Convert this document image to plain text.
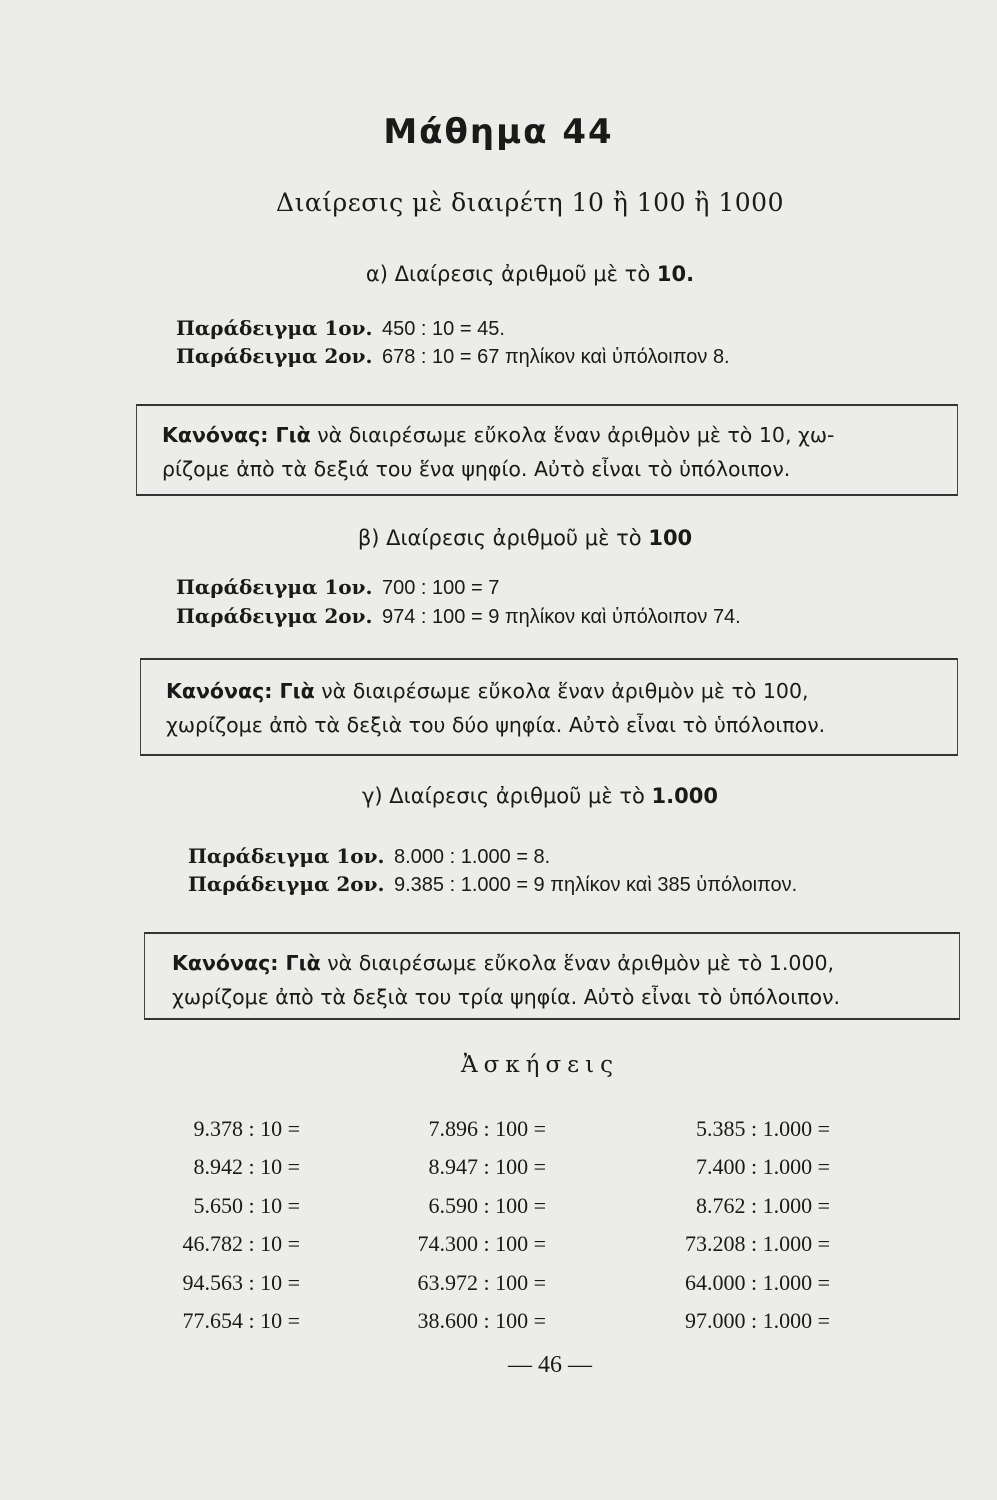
Μάθημα 44
Διαίρεσις μὲ διαιρέτη 10 ἢ 100 ἢ 1000
α) Διαίρεσις ἀριθμοῦ μὲ τὸ 10.
Παράδειγμα 1ον. 450 : 10 = 45.
Παράδειγμα 2ον. 678 : 10 = 67 πηλίκον καὶ ὑπόλοιπον 8.
Κανόνας: Γιὰ νὰ διαιρέσωμε εὔκολα ἕναν ἀριθμὸν μὲ τὸ 10, χω-
ρίζομε ἀπὸ τὰ δεξιά του ἕνα ψηφίο. Αὐτὸ εἶναι τὸ ὑπόλοιπον.
β) Διαίρεσις ἀριθμοῦ μὲ τὸ 100
Παράδειγμα 1ον. 700 : 100 = 7
Παράδειγμα 2ον. 974 : 100 = 9 πηλίκον καὶ ὑπόλοιπον 74.
Κανόνας: Γιὰ νὰ διαιρέσωμε εὔκολα ἕναν ἀριθμὸν μὲ τὸ 100,
χωρίζομε ἀπὸ τὰ δεξιὰ του δύο ψηφία. Αὐτὸ εἶναι τὸ ὑπόλοιπον.
γ) Διαίρεσις ἀριθμοῦ μὲ τὸ 1.000
Παράδειγμα 1ον. 8.000 : 1.000 = 8.
Παράδειγμα 2ον. 9.385 : 1.000 = 9 πηλίκον καὶ 385 ὑπόλοιπον.
Κανόνας: Γιὰ νὰ διαιρέσωμε εὔκολα ἕναν ἀριθμὸν μὲ τὸ 1.000,
χωρίζομε ἀπὸ τὰ δεξιὰ του τρία ψηφία. Αὐτὸ εἶναι τὸ ὑπόλοιπον.
Ἀσκήσεις
9.378 : 10 =
8.942 : 10 =
5.650 : 10 =
46.782 : 10 =
94.563 : 10 =
77.654 : 10 =
7.896 : 100 =
8.947 : 100 =
6.590 : 100 =
74.300 : 100 =
63.972 : 100 =
38.600 : 100 =
5.385 : 1.000 =
7.400 : 1.000 =
8.762 : 1.000 =
73.208 : 1.000 =
64.000 : 1.000 =
97.000 : 1.000 =
— 46 —
